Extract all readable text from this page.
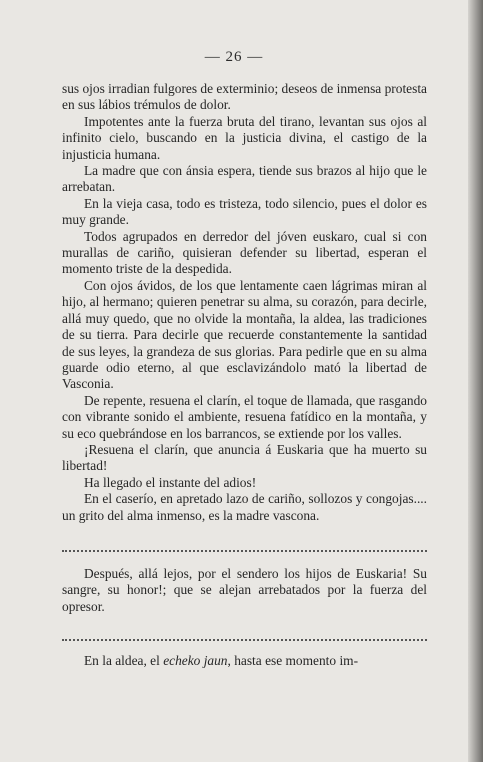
— 26 —

sus ojos irradian fulgores de exterminio; deseos de inmensa protesta en sus lábios trémulos de dolor.

Impotentes ante la fuerza bruta del tirano, levantan sus ojos al infinito cielo, buscando en la justicia divina, el castigo de la injusticia humana.

La madre que con ánsia espera, tiende sus brazos al hijo que le arrebatan.

En la vieja casa, todo es tristeza, todo silencio, pues el dolor es muy grande.

Todos agrupados en derredor del jóven euskaro, cual si con murallas de cariño, quisieran defender su libertad, esperan el momento triste de la despedida.

Con ojos ávidos, de los que lentamente caen lágrimas miran al hijo, al hermano; quieren penetrar su alma, su corazón, para decirle, allá muy quedo, que no olvide la montaña, la aldea, las tradiciones de su tierra. Para decirle que recuerde constantemente la santidad de sus leyes, la grandeza de sus glorias. Para pedirle que en su alma guarde odio eterno, al que esclavizándolo mató la libertad de Vasconia.

De repente, resuena el clarín, el toque de llamada, que rasgando con vibrante sonido el ambiente, resuena fatídico en la montaña, y su eco quebrándose en los barrancos, se extiende por los valles.

¡Resuena el clarín, que anuncia á Euskaria que ha muerto su libertad!

Ha llegado el instante del adios!

En el caserío, en apretado lazo de cariño, sollozos y congojas.... un grito del alma inmenso, es la madre vascona.

Después, allá lejos, por el sendero los hijos de Euskaria! Su sangre, su honor!; que se alejan arrebatados por la fuerza del opresor.

En la aldea, el echeko jaun, hasta ese momento im-
